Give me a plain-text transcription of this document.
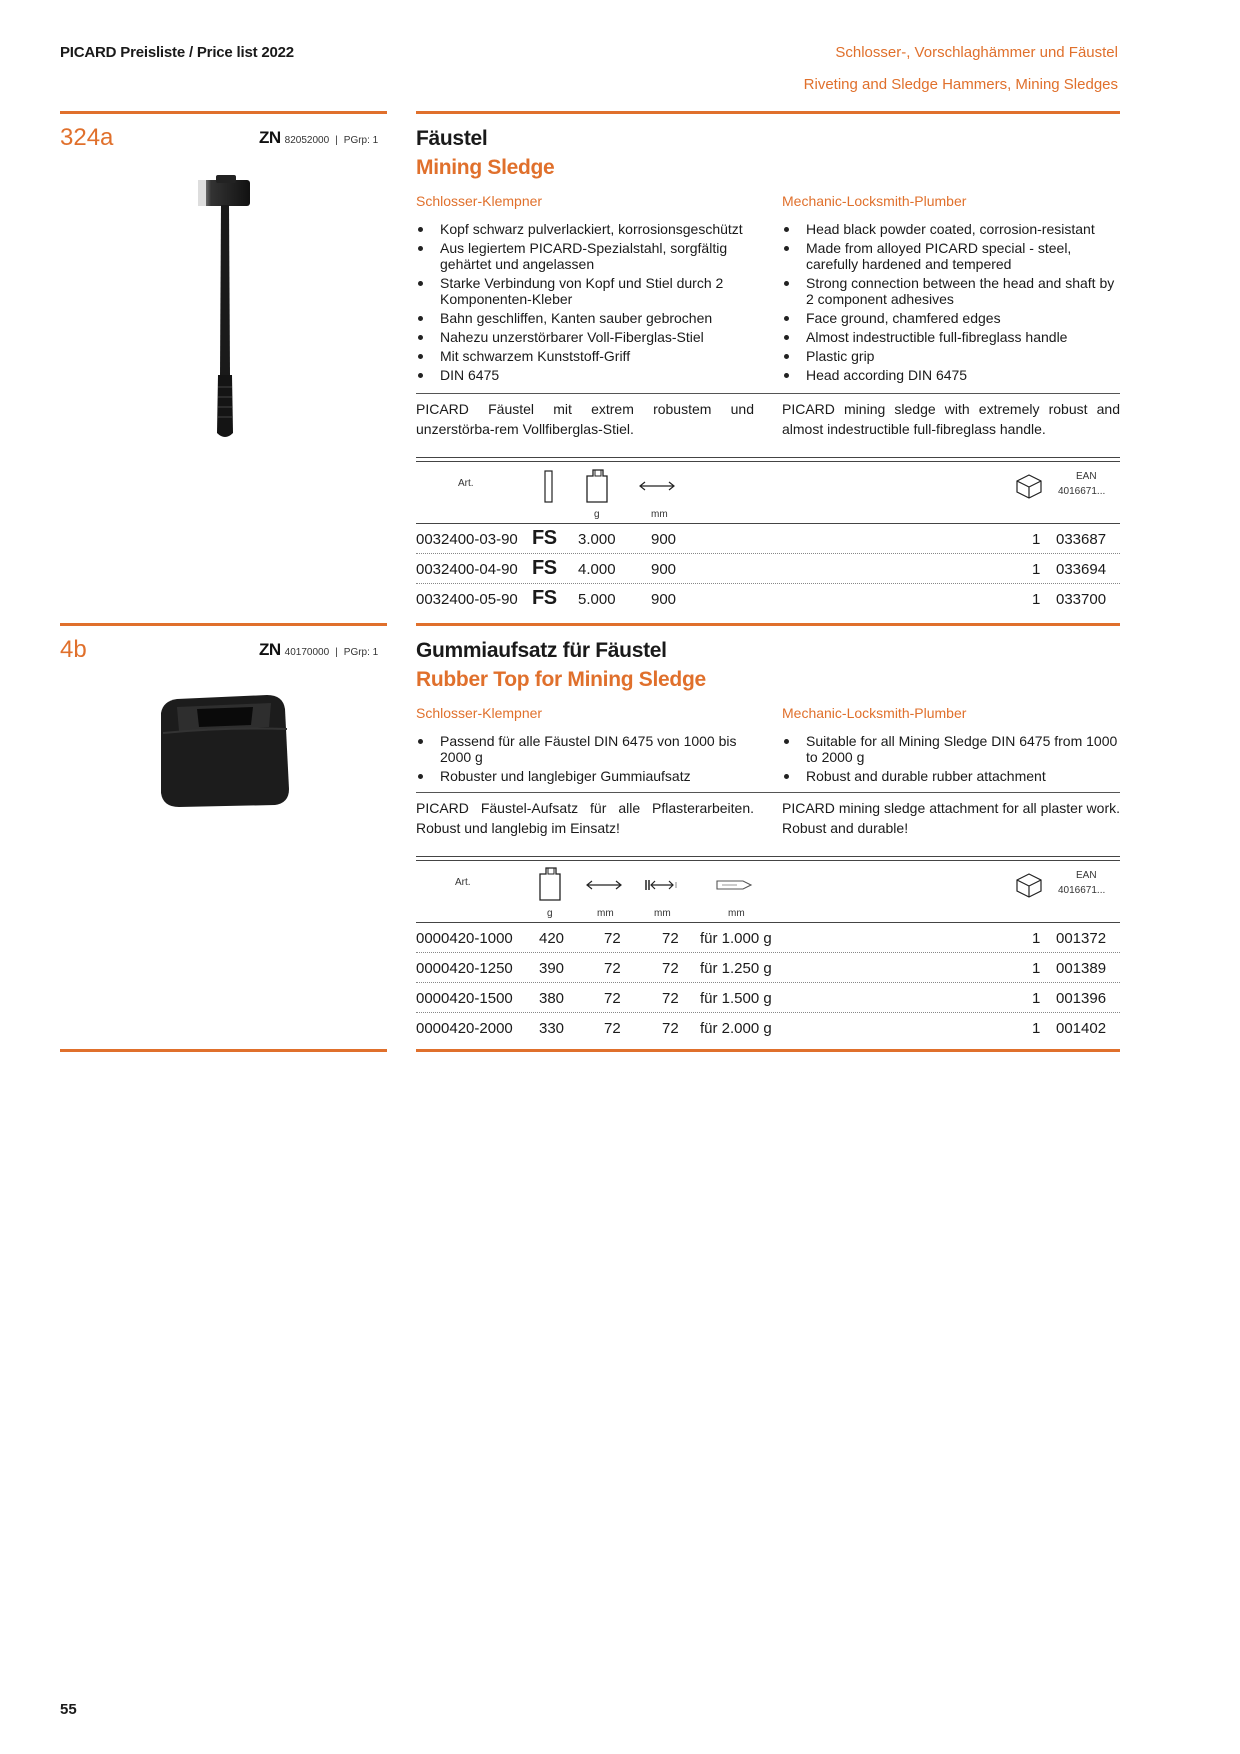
PICARD Preisliste / Price list 2022	Schlosser-, Vorschlaghämmer und Fäustel
Riveting and Sledge Hammers, Mining Sledges
324a	ZN 82052000 | PGrp: 1 Fäustel
Mining Sledge
Schlosser-Klempner	Mechanic-Locksmith-Plumber
Kopf schwarz pulverlackiert, korrosionsgeschützt
Aus legiertem PICARD-Spezialstahl, sorgfältig gehärtet und angelassen
Starke Verbindung von Kopf und Stiel durch 2 Komponenten-Kleber
Bahn geschliffen, Kanten sauber gebrochen
Nahezu unzerstörbarer Voll-Fiberglas-Stiel
Mit schwarzem Kunststoff-Griff
DIN 6475
Head black powder coated, corrosion-resistant
Made from alloyed PICARD special - steel, carefully hardened and tempered
Strong connection between the head and shaft by 2 component adhesives
Face ground, chamfered edges
Almost indestructible full-fibreglass handle
Plastic grip
Head according DIN 6475
PICARD Fäustel mit extrem robustem und unzerstörba-rem Vollfiberglas-Stiel.
PICARD mining sledge with extremely robust and almost indestructible full-fibreglass handle.
Art.
EAN
4016671...
g	mm
0032400-03-90 FS 3.000 900	1 033687
0032400-04-90 FS 4.000 900	1 033694
0032400-05-90 FS 5.000 900	1 033700
4b	ZN 40170000 | PGrp: 1 Gummiaufsatz für Fäustel
Rubber Top for Mining Sledge
Schlosser-Klempner	Mechanic-Locksmith-Plumber
Passend für alle Fäustel DIN 6475 von 1000 bis 2000 g
Robuster und langlebiger Gummiaufsatz
Suitable for all Mining Sledge DIN 6475 from 1000 to 2000 g
Robust and durable rubber attachment
PICARD Fäustel-Aufsatz für alle Pflasterarbeiten. Robust und langlebig im Einsatz!
PICARD mining sledge attachment for all plaster work. Robust and durable!
Art.
EAN
4016671...
g	mm	mm	mm
0000420-1000 420	72	72 für 1.000 g	1 001372
0000420-1250 390	72	72 für 1.250 g	1 001389
0000420-1500 380	72	72 für 1.500 g	1 001396
0000420-2000 330	72	72 für 2.000 g	1 001402
55
